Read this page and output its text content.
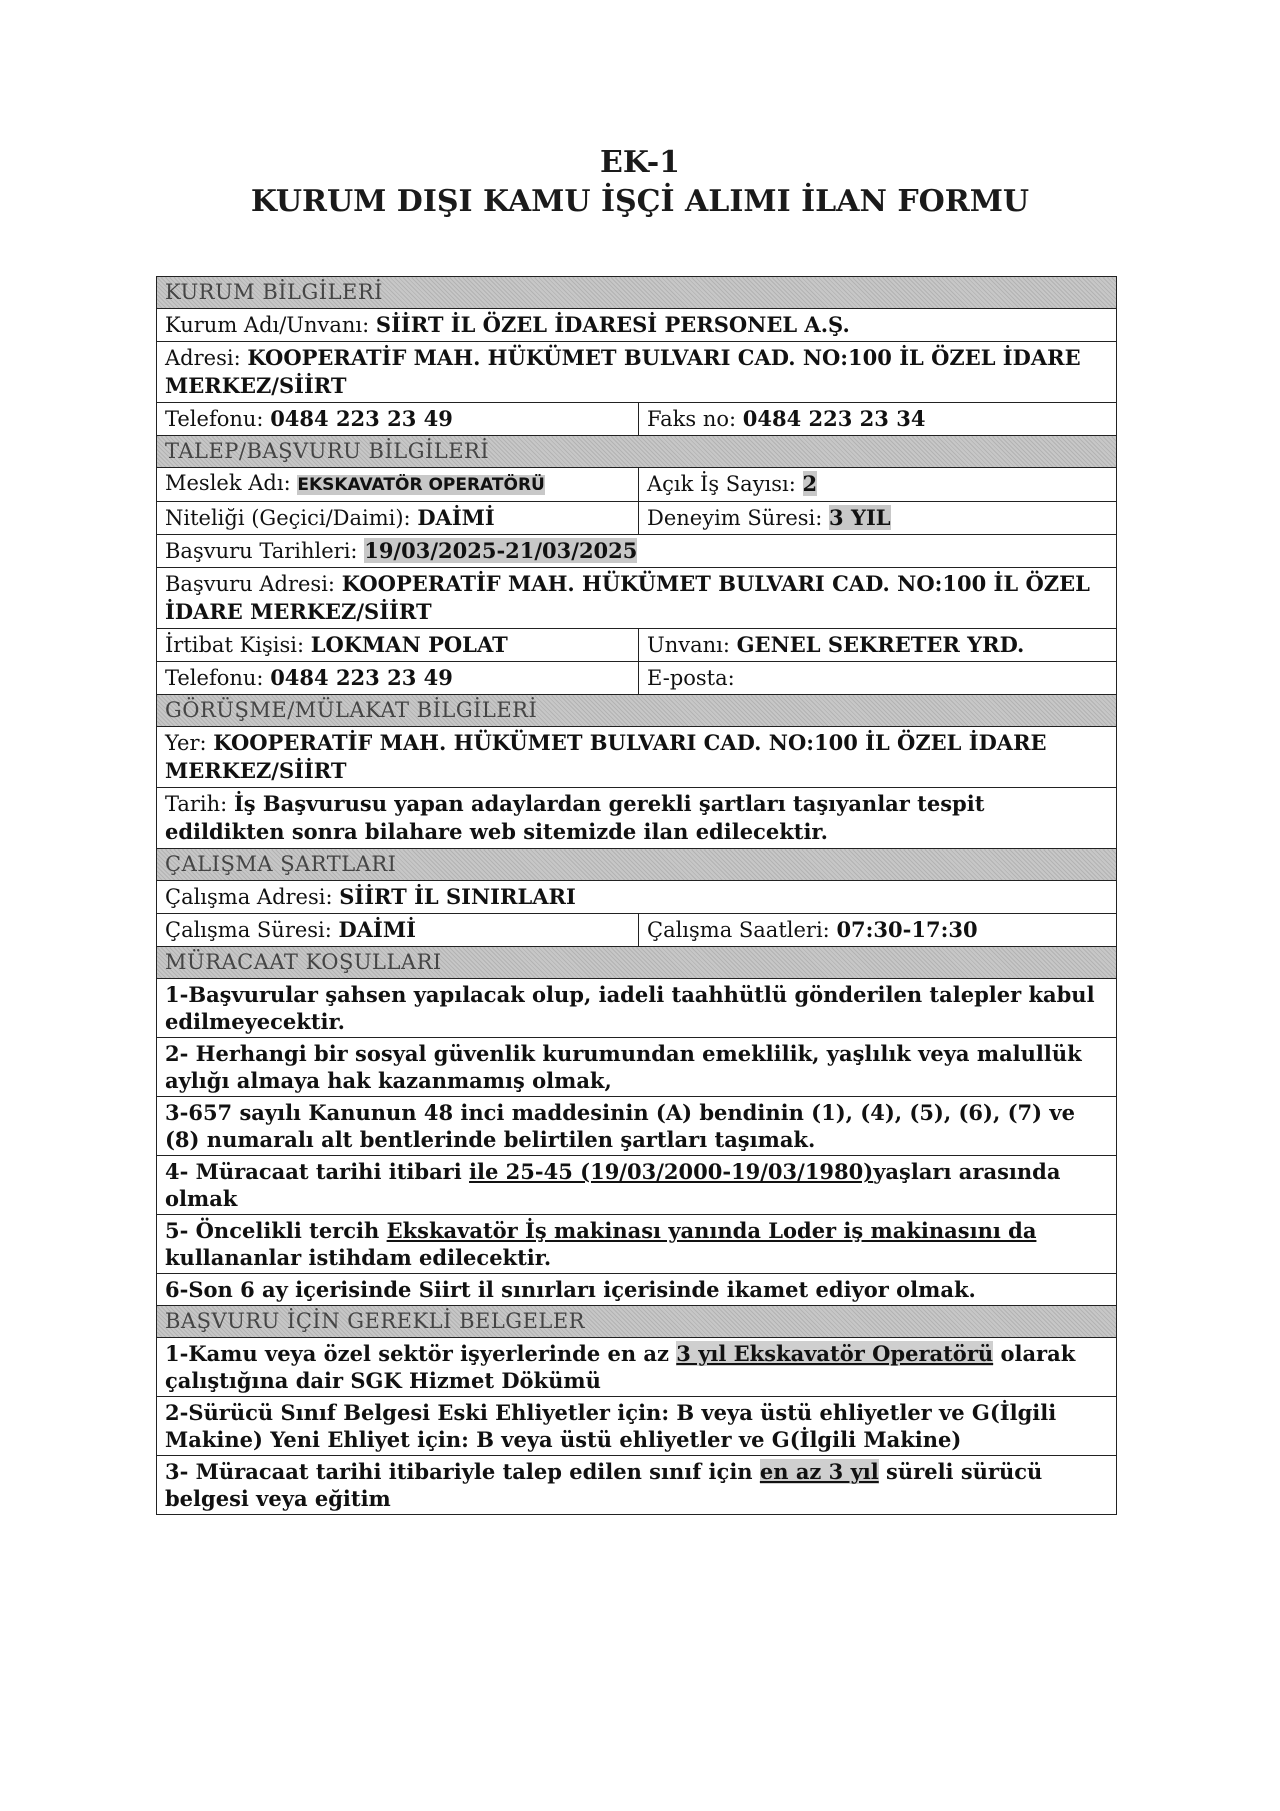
EK-1
KURUM DIŞI KAMU İŞÇİ ALIMI İLAN FORMU
KURUM BİLGİLERİ	
Kurum Adı/Unvanı: SİİRT İL ÖZEL İDARESİ PERSONEL A.Ş.	
Adresi: KOOPERATİF MAH. HÜKÜMET BULVARI CAD. NO:100 İL ÖZEL İDARE MERKEZ/SİİRT	
Telefonu: 0484 223 23 49	Faks no: 0484 223 23 34
TALEP/BAŞVURU BİLGİLERİ	
Meslek Adı: EKSKAVATÖR OPERATÖRÜ	Açık İş Sayısı: 2
Niteliği (Geçici/Daimi): DAİMİ	Deneyim Süresi: 3 YIL
Başvuru Tarihleri: 19/03/2025-21/03/2025	
Başvuru Adresi: KOOPERATİF MAH. HÜKÜMET BULVARI CAD. NO:100 İL ÖZEL İDARE MERKEZ/SİİRT	
İrtibat Kişisi: LOKMAN POLAT	Unvanı: GENEL SEKRETER YRD.
Telefonu: 0484 223 23 49	E-posta:
GÖRÜŞME/MÜLAKAT BİLGİLERİ	
Yer: KOOPERATİF MAH. HÜKÜMET BULVARI CAD. NO:100 İL ÖZEL İDARE MERKEZ/SİİRT	
Tarih: İş Başvurusu yapan adaylardan gerekli şartları taşıyanlar tespit edildikten sonra bilahare web sitemizde ilan edilecektir.	
ÇALIŞMA ŞARTLARI	
Çalışma Adresi: SİİRT İL SINIRLARI	
Çalışma Süresi: DAİMİ	Çalışma Saatleri: 07:30-17:30
MÜRACAAT KOŞULLARI	
1-Başvurular şahsen yapılacak olup, iadeli taahhütlü gönderilen talepler kabul edilmeyecektir.	
2- Herhangi bir sosyal güvenlik kurumundan emeklilik, yaşlılık veya malullük aylığı almaya hak kazanmamış olmak,	
3-657 sayılı Kanunun 48 inci maddesinin (A) bendinin (1), (4), (5), (6), (7) ve (8) numaralı alt bentlerinde belirtilen şartları taşımak.	
4- Müracaat tarihi itibari ile 25-45 (19/03/2000-19/03/1980)yaşları arasında olmak	
5- Öncelikli tercih Ekskavatör İş makinası yanında Loder iş makinasını da kullananlar istihdam edilecektir.	
6-Son 6 ay içerisinde Siirt il sınırları içerisinde ikamet ediyor olmak.	
BAŞVURU İÇİN GEREKLİ BELGELER	
1-Kamu veya özel sektör işyerlerinde en az 3 yıl Ekskavatör Operatörü olarak çalıştığına dair SGK Hizmet Dökümü	
2-Sürücü Sınıf Belgesi Eski Ehliyetler için: B veya üstü ehliyetler ve G(İlgili Makine) Yeni Ehliyet için: B veya üstü ehliyetler ve G(İlgili Makine)	
3- Müracaat tarihi itibariyle talep edilen sınıf için en az 3 yıl süreli sürücü belgesi veya eğitim	
